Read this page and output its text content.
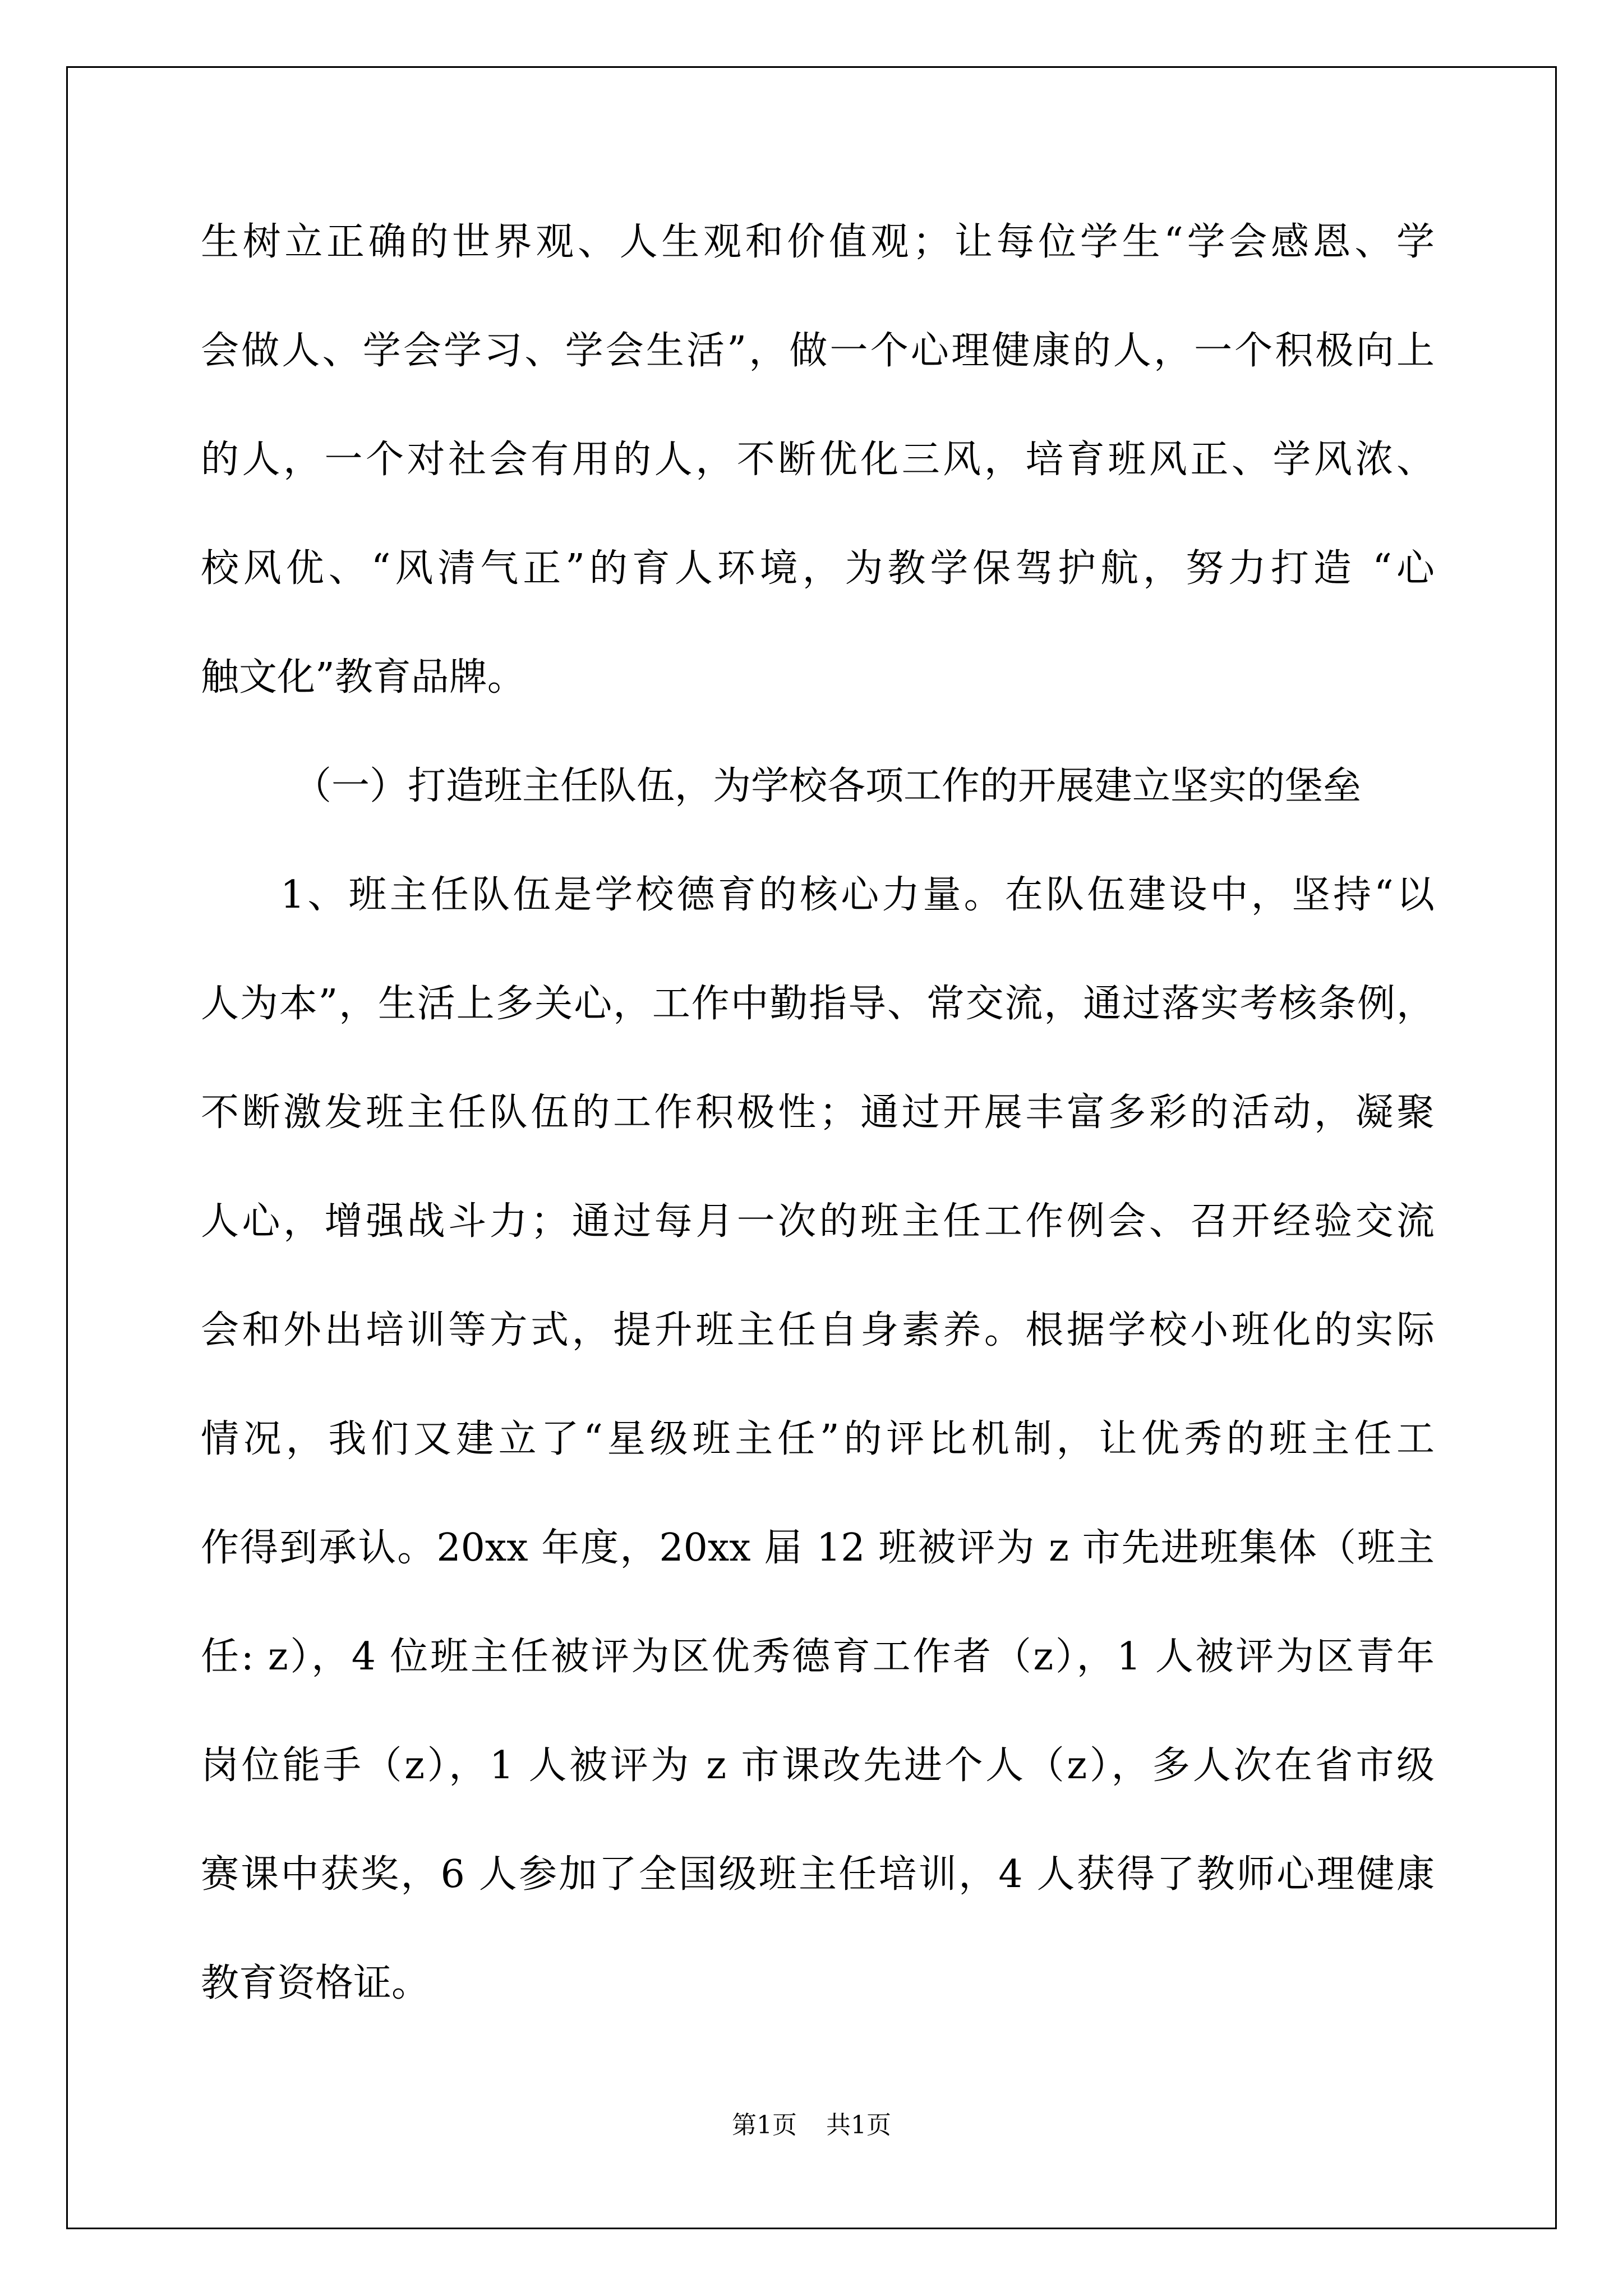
生树立正确的世界观、人生观和价值观；让每位学生“学会感恩、学
会做人、学会学习、学会生活”，做一个心理健康的人，一个积极向上
的人，一个对社会有用的人，不断优化三风，培育班风正、学风浓、
校风优、“风清气正”的育人环境，为教学保驾护航，努力打造 “心
触文化”教育品牌。
（一）打造班主任队伍，为学校各项工作的开展建立坚实的堡垒
1、班主任队伍是学校德育的核心力量。在队伍建设中，坚持“以
人为本”，生活上多关心，工作中勤指导、常交流，通过落实考核条例，
不断激发班主任队伍的工作积极性；通过开展丰富多彩的活动，凝聚
人心，增强战斗力；通过每月一次的班主任工作例会、召开经验交流
会和外出培训等方式，提升班主任自身素养。根据学校小班化的实际
情况，我们又建立了“星级班主任”的评比机制，让优秀的班主任工
作得到承认。20xx 年度，20xx 届 12 班被评为 z 市先进班集体（班主
任: z），4 位班主任被评为区优秀德育工作者（z），1 人被评为区青年
岗位能手（z），1 人被评为 z 市课改先进个人（z），多人次在省市级
赛课中获奖，6 人参加了全国级班主任培训，4 人获得了教师心理健康
教育资格证。
第1页 共1页
